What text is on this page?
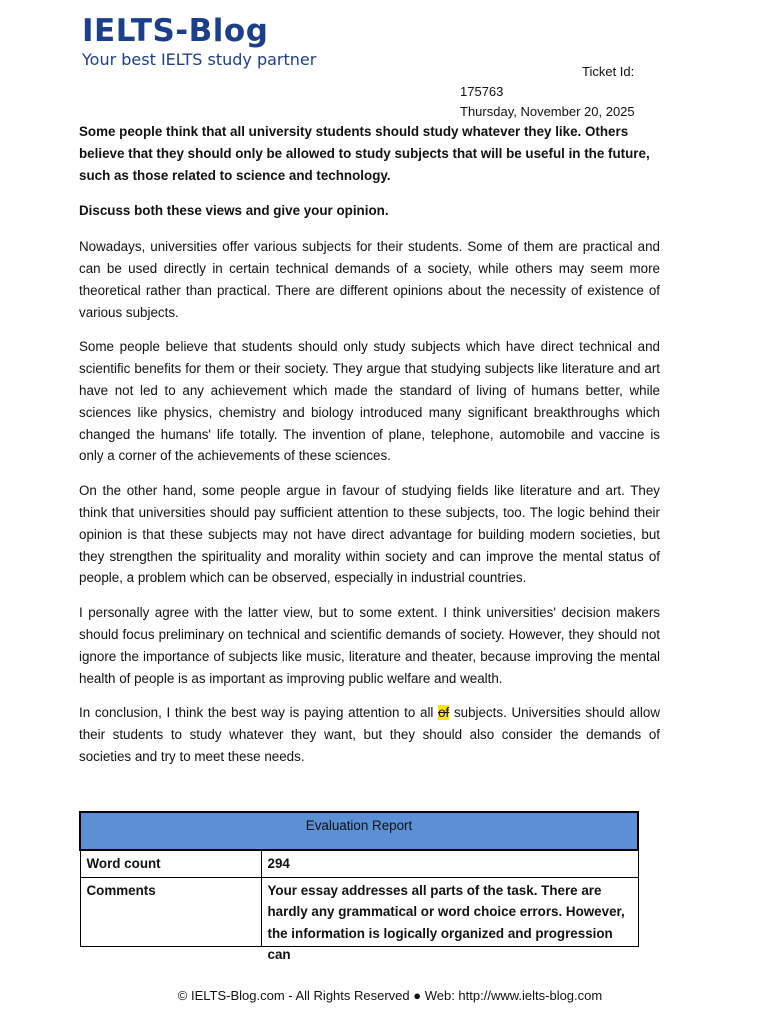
IELTS-Blog
Your best IELTS study partner
Ticket Id:
175763
Thursday, November 20, 2025

Some people think that all university students should study whatever they like. Others believe that they should only be allowed to study subjects that will be useful in the future, such as those related to science and technology.

Discuss both these views and give your opinion.

Nowadays, universities offer various subjects for their students. Some of them are practical and can be used directly in certain technical demands of a society, while others may seem more theoretical rather than practical. There are different opinions about the necessity of existence of various subjects.

Some people believe that students should only study subjects which have direct technical and scientific benefits for them or their society. They argue that studying subjects like literature and art have not led to any achievement which made the standard of living of humans better, while sciences like physics, chemistry and biology introduced many significant breakthroughs which changed the humans' life totally. The invention of plane, telephone, automobile and vaccine is only a corner of the achievements of these sciences.

On the other hand, some people argue in favour of studying fields like literature and art. They think that universities should pay sufficient attention to these subjects, too. The logic behind their opinion is that these subjects may not have direct advantage for building modern societies, but they strengthen the spirituality and morality within society and can improve the mental status of people, a problem which can be observed, especially in industrial countries.

I personally agree with the latter view, but to some extent. I think universities' decision makers should focus preliminary on technical and scientific demands of society. However, they should not ignore the importance of subjects like music, literature and theater, because improving the mental health of people is as important as improving public welfare and wealth.

In conclusion, I think the best way is paying attention to all of subjects. Universities should allow their students to study whatever they want, but they should also consider the demands of societies and try to meet these needs.

Evaluation Report	
Word count	294
Comments	Your essay addresses all parts of the task. There are hardly any grammatical or word choice errors. However, the information is logically organized and progression can
© IELTS-Blog.com - All Rights Reserved ● Web: http://www.ielts-blog.com
